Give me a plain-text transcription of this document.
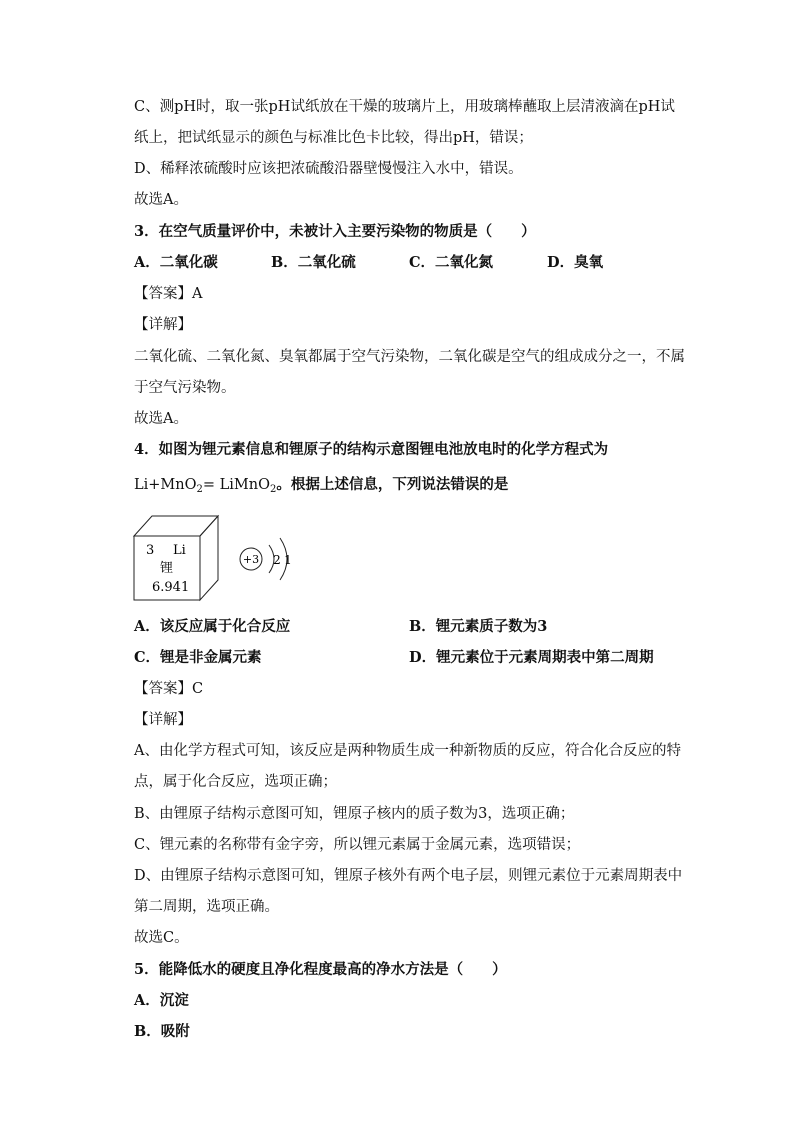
C、测pH时，取一张pH试纸放在干燥的玻璃片上，用玻璃棒蘸取上层清液滴在pH试
纸上，把试纸显示的颜色与标准比色卡比较，得出pH，错误；
D、稀释浓硫酸时应该把浓硫酸沿器壁慢慢注入水中，错误。
故选A。
3．在空气质量评价中，未被计入主要污染物的物质是（　　）
A．二氧化碳	B．二氧化硫	C．二氧化氮	D．臭氧
【答案】A
【详解】
二氧化硫、二氧化氮、臭氧都属于空气污染物，二氧化碳是空气的组成成分之一，不属
于空气污染物。
故选A。
4．如图为锂元素信息和锂原子的结构示意图锂电池放电时的化学方程式为
Li+MnO$_2$= LiMnO$_2$。根据上述信息，下列说法错误的是
3 Li
锂
6.941
+3 2 1
A．该反应属于化合反应	B．锂元素质子数为3
C．锂是非金属元素	D．锂元素位于元素周期表中第二周期
【答案】C
【详解】
A、由化学方程式可知，该反应是两种物质生成一种新物质的反应，符合化合反应的特
点，属于化合反应，选项正确；
B、由锂原子结构示意图可知，锂原子核内的质子数为3，选项正确；
C、锂元素的名称带有金字旁，所以锂元素属于金属元素，选项错误；
D、由锂原子结构示意图可知，锂原子核外有两个电子层，则锂元素位于元素周期表中
第二周期，选项正确。
故选C。
5．能降低水的硬度且净化程度最高的净水方法是（　　）
A．沉淀
B．吸附
